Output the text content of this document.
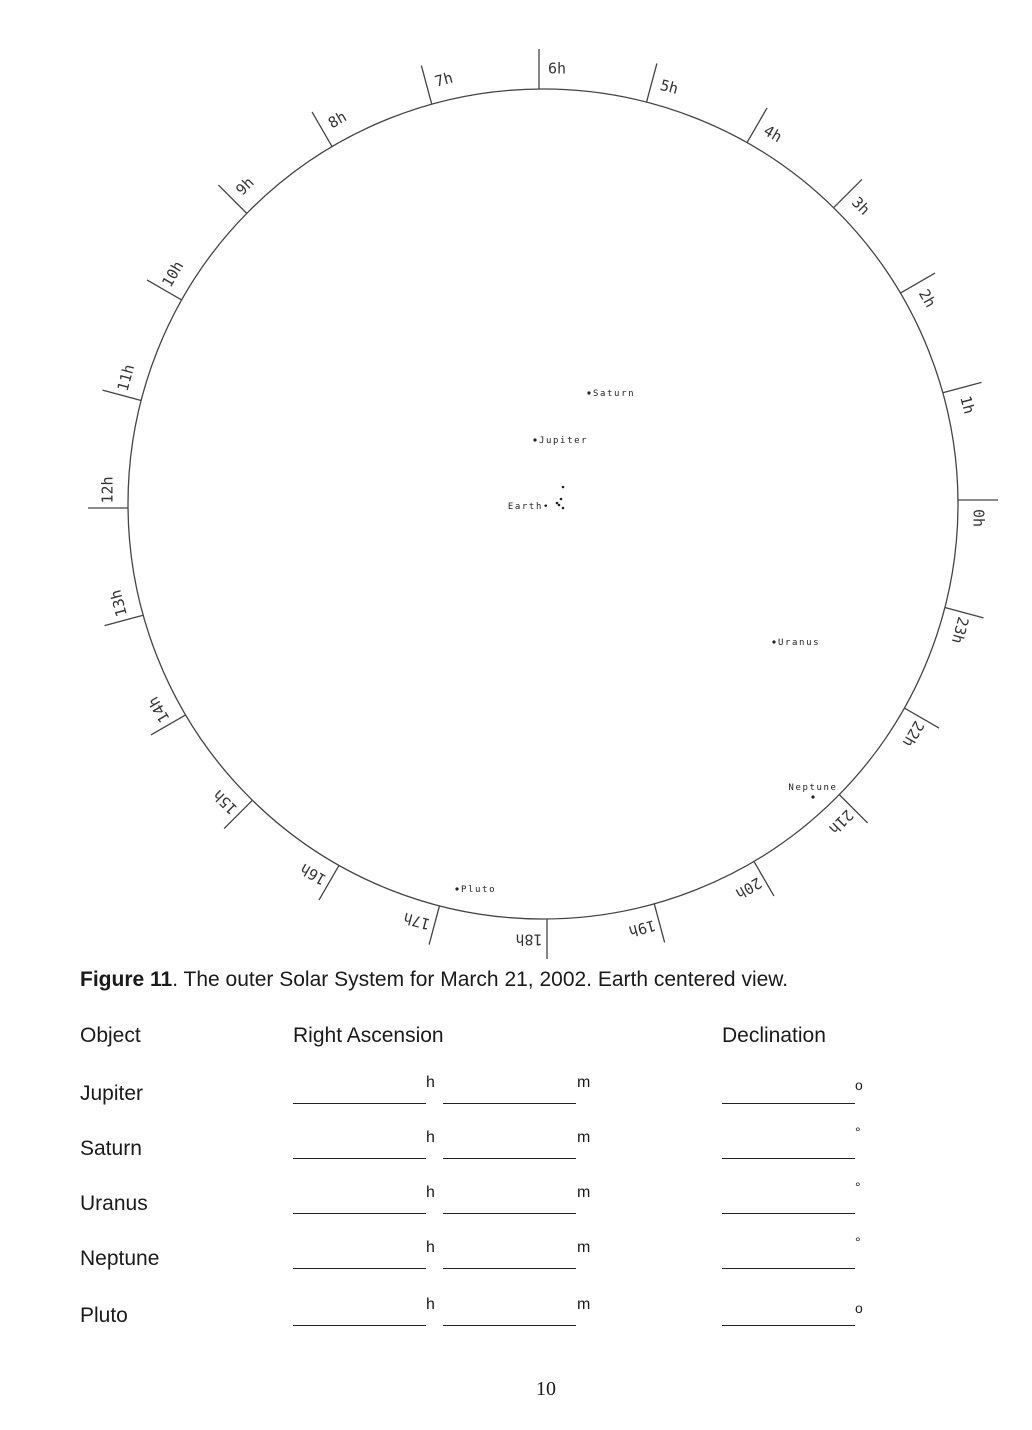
0h
1h
2h
3h
4h
5h
6h
7h
8h
9h
10h
11h
12h
13h
14h
15h
16h
17h
18h	19h
20h
21h
22h
23h
Saturn
Jupiter
Earth•
Uranus
Neptune
Pluto
Figure 11. The outer Solar System for March 21, 2002. Earth centered view.
Object	Right Ascension	Declination
Jupiter	h	m	o
Saturn	h	m	°
Uranus	h	m	°
Neptune	h	m	°
Pluto	h	m	o
10
